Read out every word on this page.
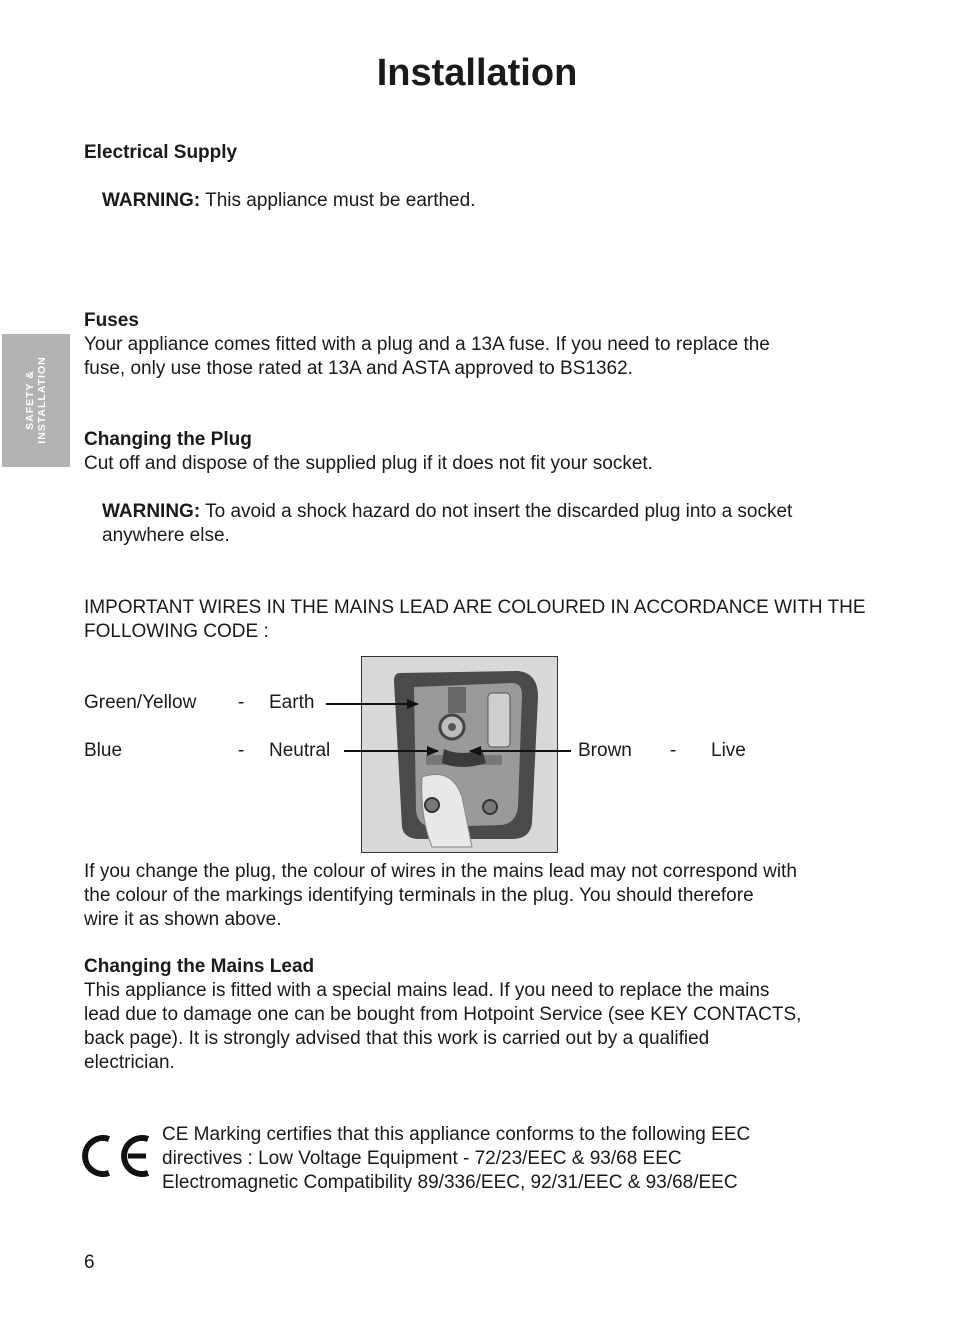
Installation
SAFETY & INSTALLATION
Electrical Supply
WARNING: This appliance must be earthed.
Fuses
Your appliance comes fitted with a plug and a 13A fuse. If you need to replace the
fuse, only use those rated at 13A and ASTA approved to BS1362.
Changing the Plug
Cut off and dispose of the supplied plug if it does not fit your socket.
WARNING: To avoid a shock hazard do not insert the discarded plug into a socket
anywhere else.
IMPORTANT WIRES IN THE MAINS LEAD ARE COLOURED IN ACCORDANCE WITH THE
FOLLOWING CODE :
Green/Yellow - Earth
Blue	- Neutral	Brown - Live
If you change the plug, the colour of wires in the mains lead may not correspond with
the colour of the markings identifying terminals in the plug. You should therefore
wire it as shown above.
Changing the Mains Lead
This appliance is fitted with a special mains lead. If you need to replace the mains
lead due to damage one can be bought from Hotpoint Service (see KEY CONTACTS,
back page). It is strongly advised that this work is carried out by a qualified
electrician.
CE Marking certifies that this appliance conforms to the following EEC
directives : Low Voltage Equipment - 72/23/EEC & 93/68 EEC
Electromagnetic Compatibility 89/336/EEC, 92/31/EEC & 93/68/EEC
6
